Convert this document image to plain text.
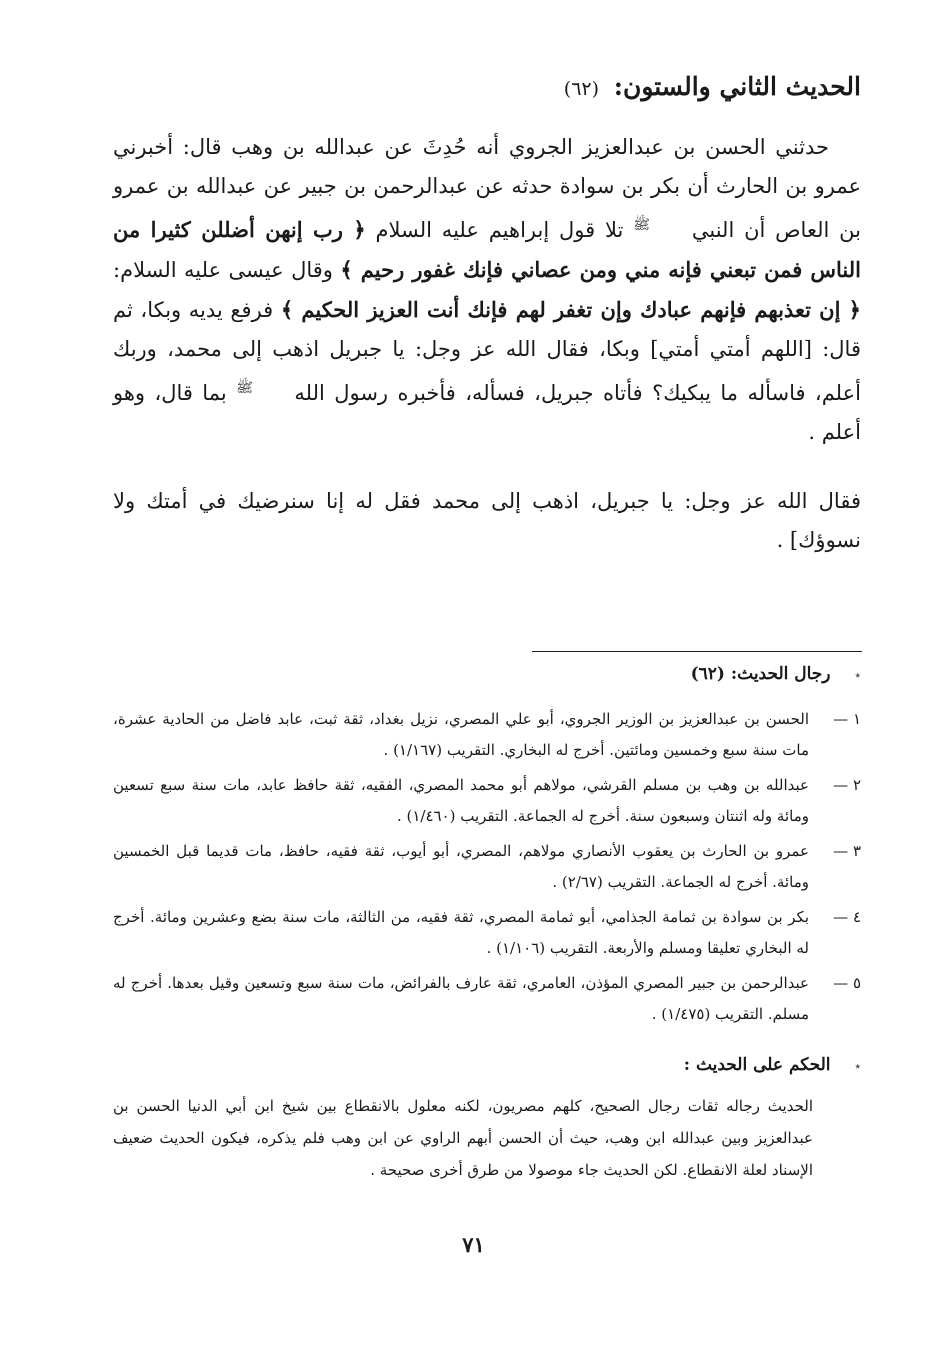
الحديث الثاني والستون: (٦٢)
حدثني الحسن بن عبدالعزيز الجروي أنه حُدِثَ عن عبدالله بن وهب قال: أخبرني عمرو بن الحارث أن بكر بن سوادة حدثه عن عبدالرحمن بن جبير عن عبدالله بن عمرو بن العاص أن النبي ﷺ تلا قول إبراهيم عليه السلام ﴿ رب إنهن أضللن كثيرا من الناس فمن تبعني فإنه مني ومن عصاني فإنك غفور رحيم ﴾ وقال عيسى عليه السلام: ﴿ إن تعذبهم فإنهم عبادك وإن تغفر لهم فإنك أنت العزيز الحكيم ﴾ فرفع يديه وبكا، ثم قال: [اللهم أمتي أمتي] وبكا، فقال الله عز وجل: يا جبريل اذهب إلى محمد، وربك أعلم، فاسأله ما يبكيك؟ فأتاه جبريل، فسأله، فأخبره رسول الله ﷺ بما قال، وهو أعلم .
فقال الله عز وجل: يا جبريل، اذهب إلى محمد فقل له إنا سنرضيك في أمتك ولا نسوؤك] .
٭ رجال الحديث: (٦٢)
١ —
الحسن بن عبدالعزيز بن الوزير الجروي، أبو علي المصري، نزيل بغداد، ثقة ثبت، عابد فاضل من الحادية عشرة، مات سنة سبع وخمسين ومائتين. أخرج له البخاري. التقريب (١/١٦٧) .
٢ —
عبدالله بن وهب بن مسلم القرشي، مولاهم أبو محمد المصري، الفقيه، ثقة حافظ عابد، مات سنة سبع تسعين ومائة وله اثنتان وسبعون سنة. أخرج له الجماعة. التقريب (١/٤٦٠) .
٣ —
عمرو بن الحارث بن يعقوب الأنصاري مولاهم، المصري، أبو أيوب، ثقة فقيه، حافظ، مات قديما قبل الخمسين ومائة. أخرج له الجماعة. التقريب (٢/٦٧) .
٤ —
بكر بن سوادة بن ثمامة الجذامي، أبو ثمامة المصري، ثقة فقيه، من الثالثة، مات سنة بضع وعشرين ومائة. أخرج له البخاري تعليقا ومسلم والأربعة. التقريب (١/١٠٦) .
٥ —
عبدالرحمن بن جبير المصري المؤذن، العامري، ثقة عارف بالفرائض، مات سنة سبع وتسعين وقيل بعدها. أخرج له مسلم. التقريب (١/٤٧٥) .
٭ الحكم على الحديث :
الحديث رجاله ثقات رجال الصحيح، كلهم مصريون، لكنه معلول بالانقطاع بين شيخ ابن أبي الدنيا الحسن بن عبدالعزيز وبين عبدالله ابن وهب، حيث أن الحسن أبهم الراوي عن ابن وهب فلم يذكره، فيكون الحديث ضعيف الإسناد لعلة الانقطاع. لكن الحديث جاء موصولا من طرق أخرى صحيحة .
٧١
